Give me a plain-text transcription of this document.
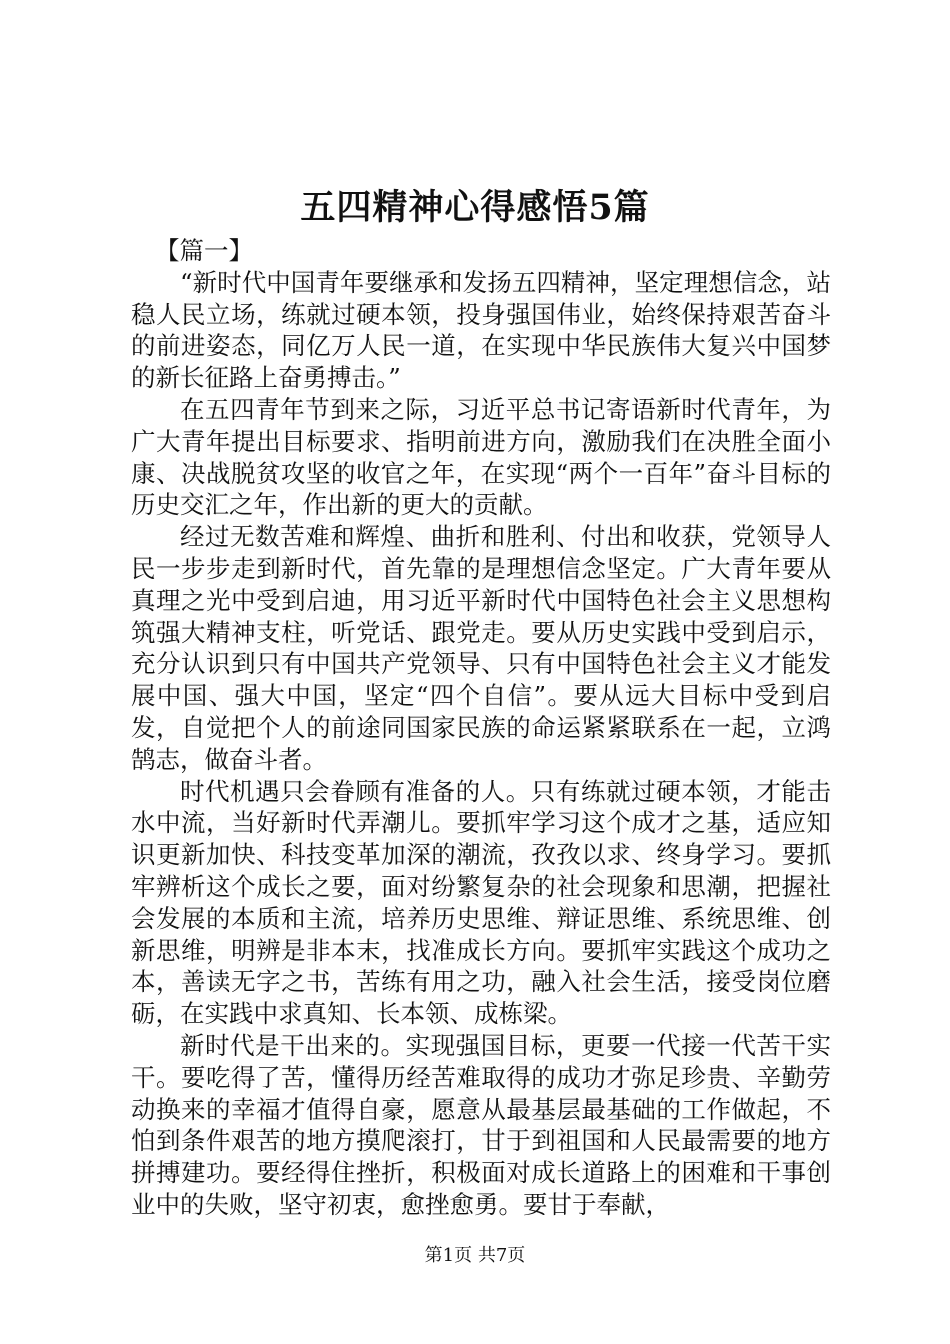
五四精神心得感悟5篇

【篇一】

“新时代中国青年要继承和发扬五四精神，坚定理想信念，站稳人民立场，练就过硬本领，投身强国伟业，始终保持艰苦奋斗的前进姿态，同亿万人民一道，在实现中华民族伟大复兴中国梦的新长征路上奋勇搏击。”

在五四青年节到来之际，习近平总书记寄语新时代青年，为广大青年提出目标要求、指明前进方向，激励我们在决胜全面小康、决战脱贫攻坚的收官之年，在实现“两个一百年”奋斗目标的历史交汇之年，作出新的更大的贡献。

经过无数苦难和辉煌、曲折和胜利、付出和收获，党领导人民一步步走到新时代，首先靠的是理想信念坚定。广大青年要从真理之光中受到启迪，用习近平新时代中国特色社会主义思想构筑强大精神支柱，听党话、跟党走。要从历史实践中受到启示，充分认识到只有中国共产党领导、只有中国特色社会主义才能发展中国、强大中国，坚定“四个自信”。要从远大目标中受到启发，自觉把个人的前途同国家民族的命运紧紧联系在一起，立鸿鹄志，做奋斗者。

时代机遇只会眷顾有准备的人。只有练就过硬本领，才能击水中流，当好新时代弄潮儿。要抓牢学习这个成才之基，适应知识更新加快、科技变革加深的潮流，孜孜以求、终身学习。要抓牢辨析这个成长之要，面对纷繁复杂的社会现象和思潮，把握社会发展的本质和主流，培养历史思维、辩证思维、系统思维、创新思维，明辨是非本末，找准成长方向。要抓牢实践这个成功之本，善读无字之书，苦练有用之功，融入社会生活，接受岗位磨砺，在实践中求真知、长本领、成栋梁。

新时代是干出来的。实现强国目标，更要一代接一代苦干实干。要吃得了苦，懂得历经苦难取得的成功才弥足珍贵、辛勤劳动换来的幸福才值得自豪，愿意从最基层最基础的工作做起，不怕到条件艰苦的地方摸爬滚打，甘于到祖国和人民最需要的地方拼搏建功。要经得住挫折，积极面对成长道路上的困难和干事创业中的失败，坚守初衷，愈挫愈勇。要甘于奉献，

第1页 共7页
